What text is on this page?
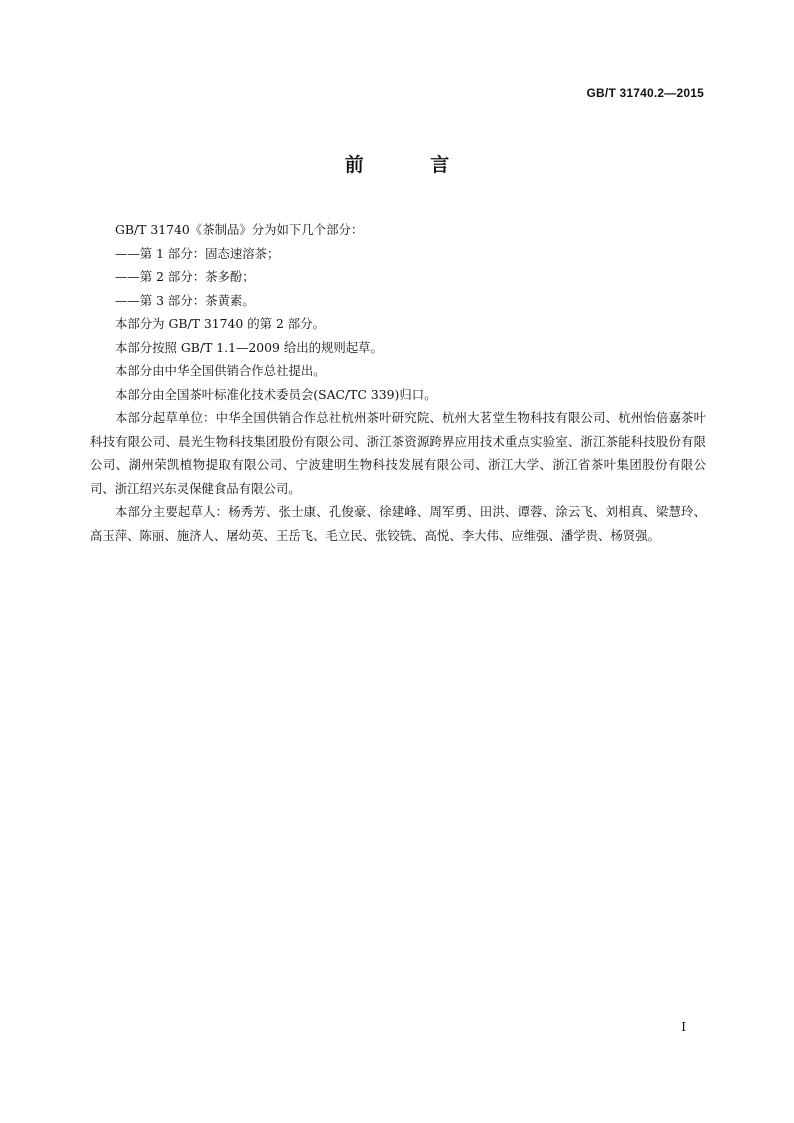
GB/T 31740.2—2015
前 言

GB/T 31740《茶制品》分为如下几个部分：

——第 1 部分：固态速溶茶；

——第 2 部分：茶多酚；

——第 3 部分：茶黄素。

本部分为 GB/T 31740 的第 2 部分。

本部分按照 GB/T 1.1—2009 给出的规则起草。

本部分由中华全国供销合作总社提出。

本部分由全国茶叶标准化技术委员会(SAC/TC 339)归口。

本部分起草单位：中华全国供销合作总社杭州茶叶研究院、杭州大茗堂生物科技有限公司、杭州怡倍嘉茶叶科技有限公司、晨光生物科技集团股份有限公司、浙江茶资源跨界应用技术重点实验室、浙江茶能科技股份有限公司、湖州荣凯植物提取有限公司、宁波建明生物科技发展有限公司、浙江大学、浙江省茶叶集团股份有限公司、浙江绍兴东灵保健食品有限公司。

本部分主要起草人：杨秀芳、张士康、孔俊豪、徐建峰、周军勇、田洪、谭蓉、涂云飞、刘相真、梁慧玲、高玉萍、陈丽、施济人、屠幼英、王岳飞、毛立民、张铰铣、高悦、李大伟、应维强、潘学贵、杨贤强。

I
